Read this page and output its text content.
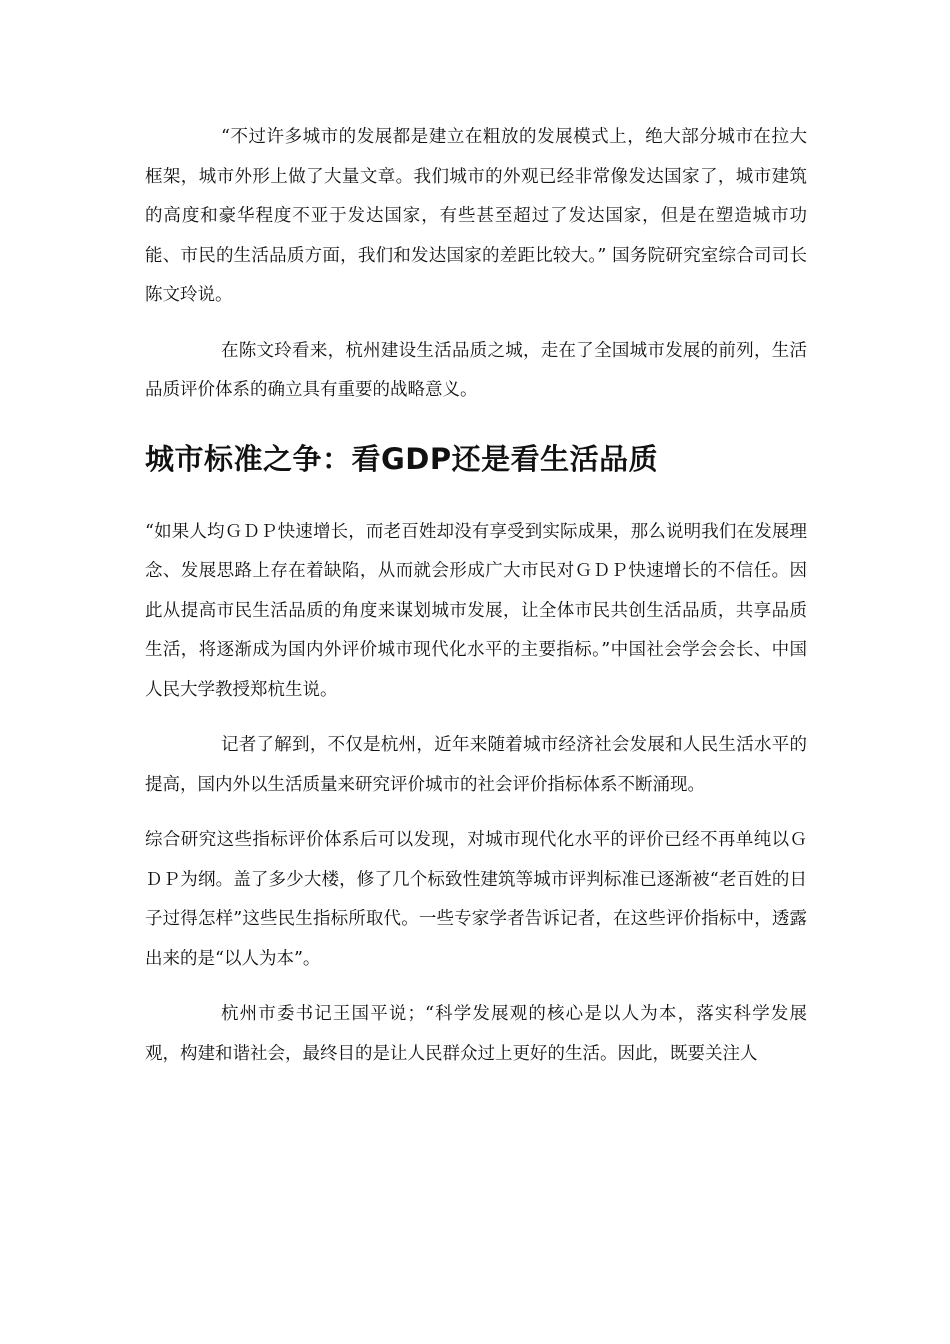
“不过许多城市的发展都是建立在粗放的发展模式上，绝大部分城市在拉大框架，城市外形上做了大量文章。我们城市的外观已经非常像发达国家了，城市建筑的高度和豪华程度不亚于发达国家，有些甚至超过了发达国家，但是在塑造城市功能、市民的生活品质方面，我们和发达国家的差距比较大。” 国务院研究室综合司司长陈文玲说。

在陈文玲看来，杭州建设生活品质之城，走在了全国城市发展的前列，生活品质评价体系的确立具有重要的战略意义。

城市标准之争：看GDP还是看生活品质

“如果人均ＧＤＰ快速增长，而老百姓却没有享受到实际成果，那么说明我们在发展理念、发展思路上存在着缺陷，从而就会形成广大市民对ＧＤＰ快速增长的不信任。因此从提高市民生活品质的角度来谋划城市发展，让全体市民共创生活品质，共享品质生活，将逐渐成为国内外评价城市现代化水平的主要指标。”中国社会学会会长、中国人民大学教授郑杭生说。

记者了解到，不仅是杭州，近年来随着城市经济社会发展和人民生活水平的提高，国内外以生活质量来研究评价城市的社会评价指标体系不断涌现。

综合研究这些指标评价体系后可以发现，对城市现代化水平的评价已经不再单纯以ＧＤＰ为纲。盖了多少大楼，修了几个标致性建筑等城市评判标准已逐渐被“老百姓的日子过得怎样”这些民生指标所取代。一些专家学者告诉记者，在这些评价指标中，透露出来的是“以人为本”。

杭州市委书记王国平说；“科学发展观的核心是以人为本，落实科学发展观，构建和谐社会，最终目的是让人民群众过上更好的生活。因此，既要关注人
